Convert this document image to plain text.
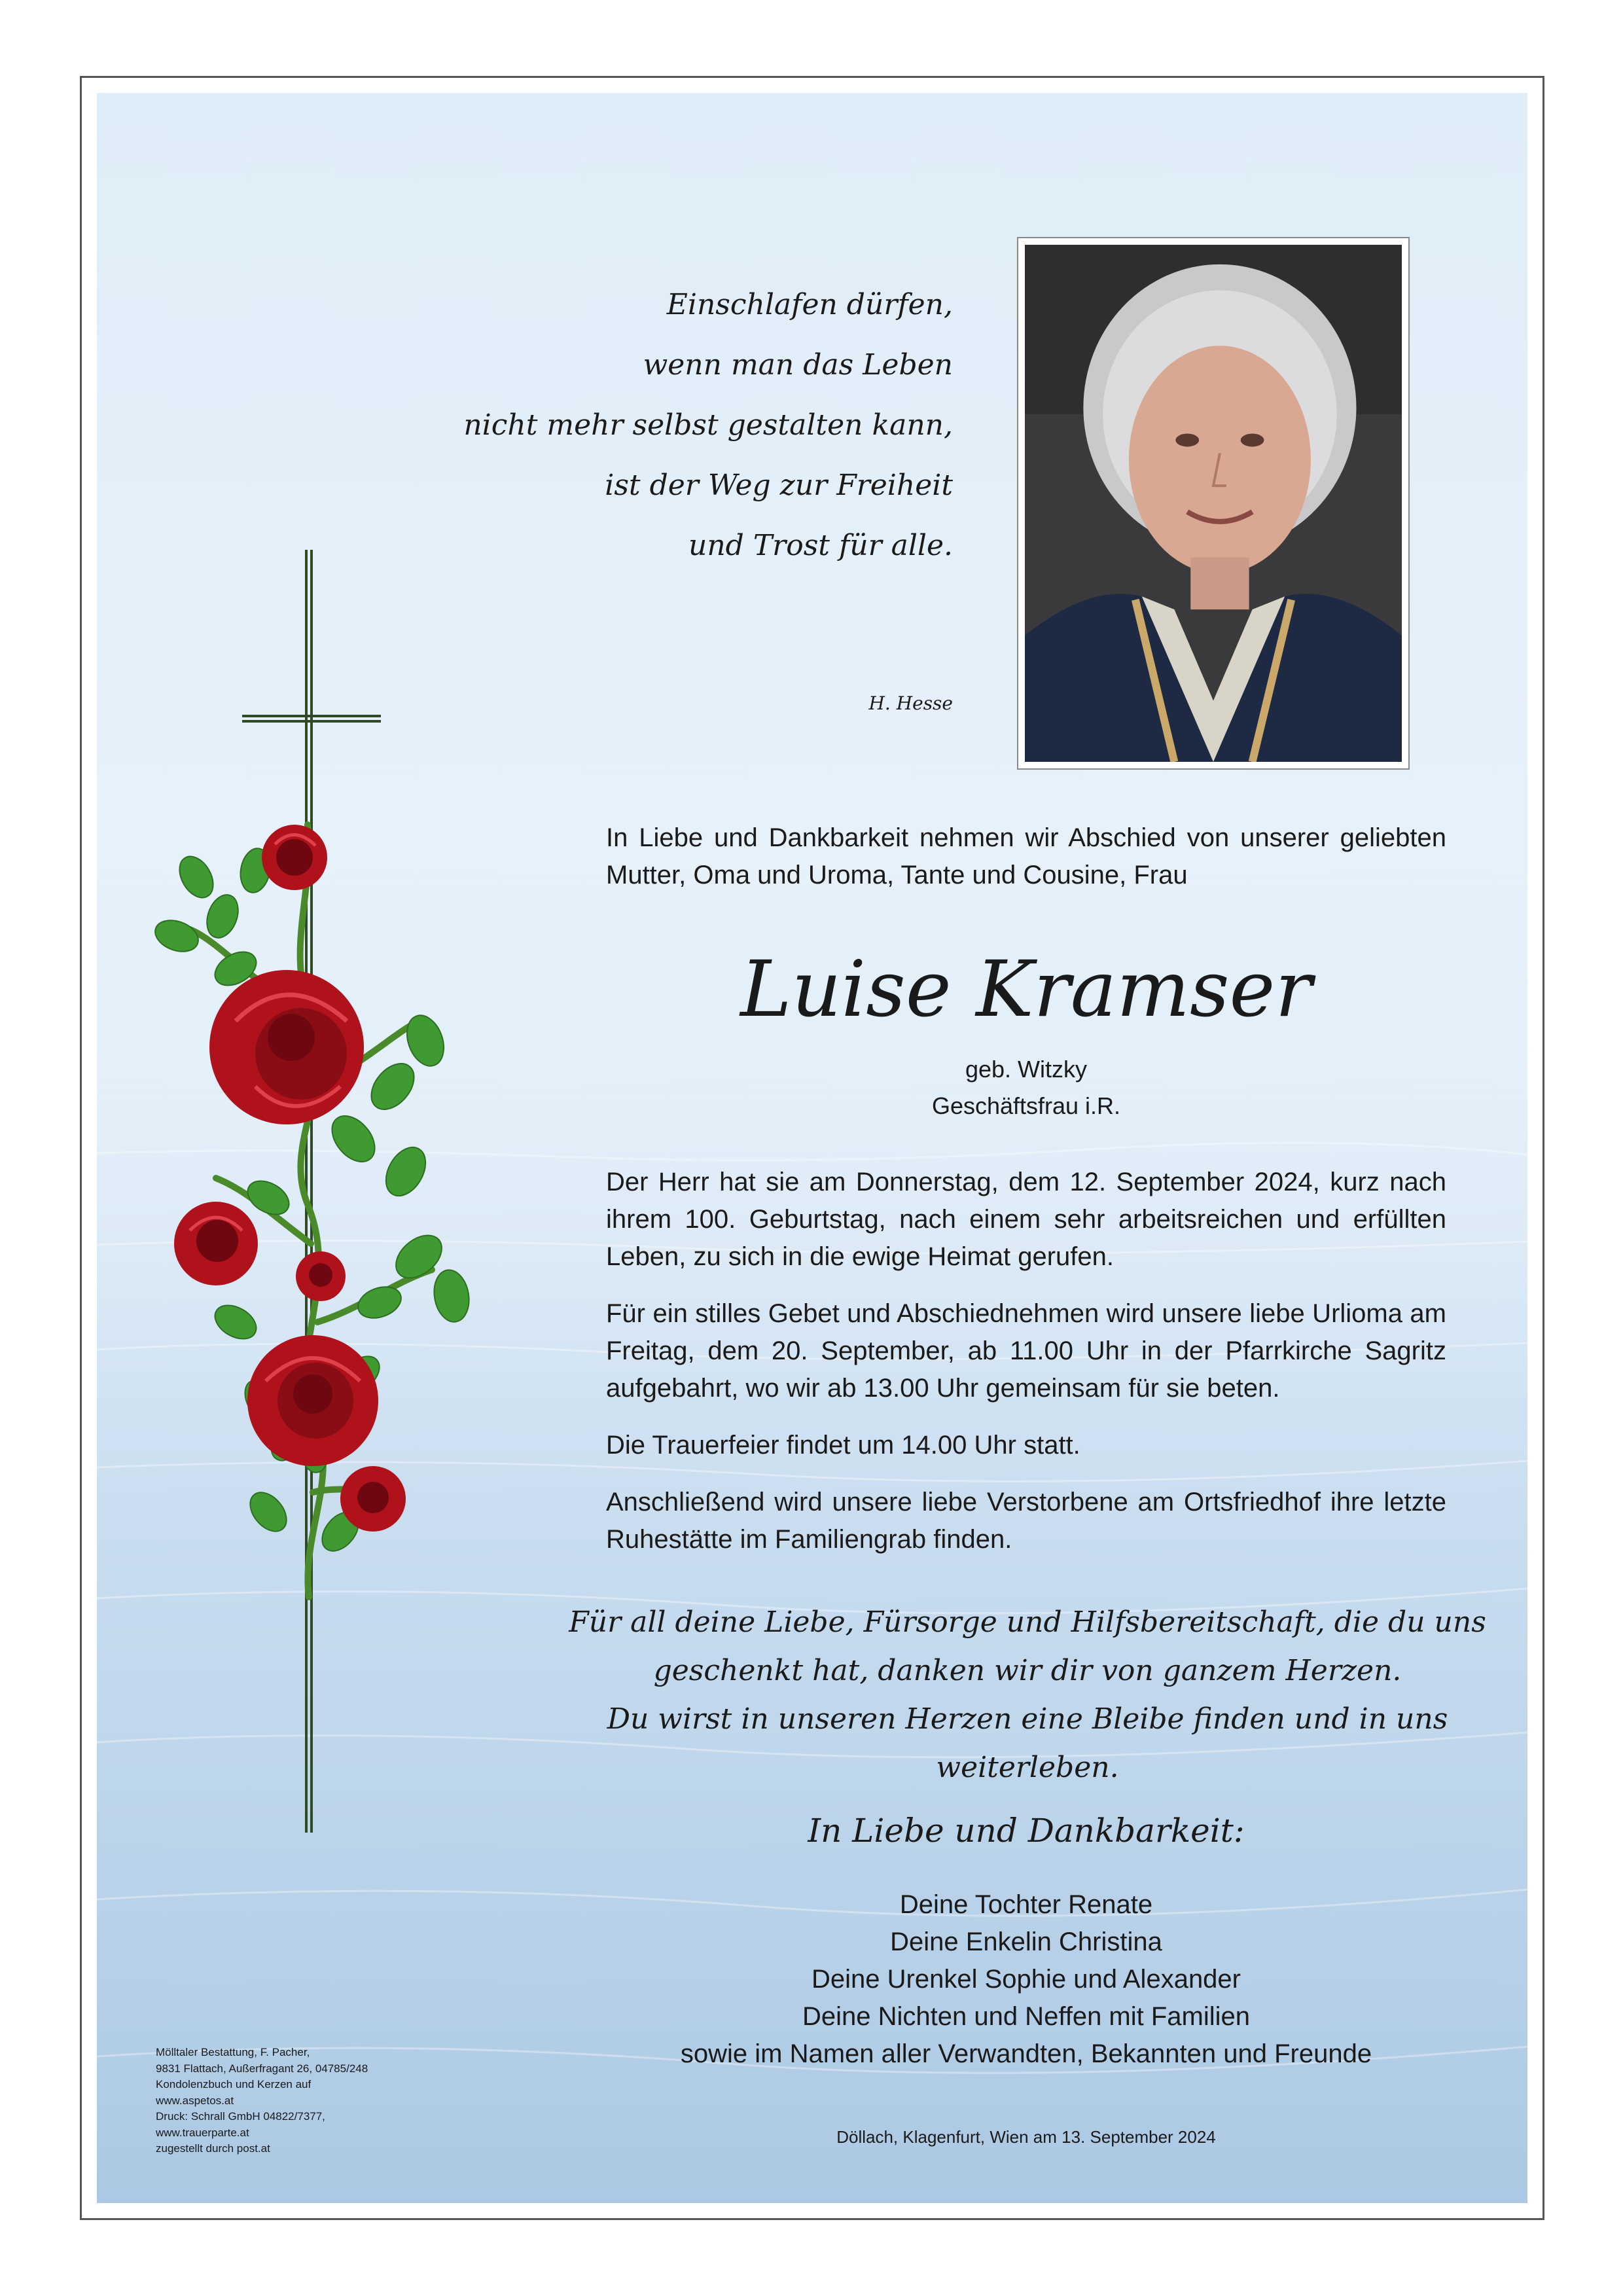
Einschlafen dürfen,
wenn man das Leben
nicht mehr selbst gestalten kann,
ist der Weg zur Freiheit
und Trost für alle.
H. Hesse
In Liebe und Dankbarkeit nehmen wir Abschied von unserer geliebten Mutter, Oma und Uroma, Tante und Cousine, Frau
Luise Kramser
geb. Witzky
Geschäftsfrau i.R.

Der Herr hat sie am Donnerstag, dem 12. September 2024, kurz nach ihrem 100. Geburtstag, nach einem sehr arbeitsreichen und erfüllten Leben, zu sich in die ewige Heimat gerufen.

Für ein stilles Gebet und Abschiednehmen wird unsere liebe Urlioma am Freitag, dem 20. September, ab 11.00 Uhr in der Pfarrkirche Sagritz aufgebahrt, wo wir ab 13.00 Uhr gemeinsam für sie beten.

Die Trauerfeier findet um 14.00 Uhr statt.

Anschließend wird unsere liebe Verstorbene am Ortsfriedhof ihre letzte Ruhestätte im Familiengrab finden.

Für all deine Liebe, Fürsorge und Hilfsbereitschaft, die du uns
geschenkt hat, danken wir dir von ganzem Herzen.
Du wirst in unseren Herzen eine Bleibe finden und in uns weiterleben.
In Liebe und Dankbarkeit:
Deine Tochter Renate
Deine Enkelin Christina
Deine Urenkel Sophie und Alexander
Deine Nichten und Neffen mit Familien
sowie im Namen aller Verwandten, Bekannten und Freunde
Döllach, Klagenfurt, Wien am 13. September 2024
Mölltaler Bestattung, F. Pacher,
9831 Flattach, Außerfragant 26, 04785/248
Kondolenzbuch und Kerzen auf
www.aspetos.at
Druck: Schrall GmbH 04822/7377,
www.trauerparte.at
zugestellt durch post.at
